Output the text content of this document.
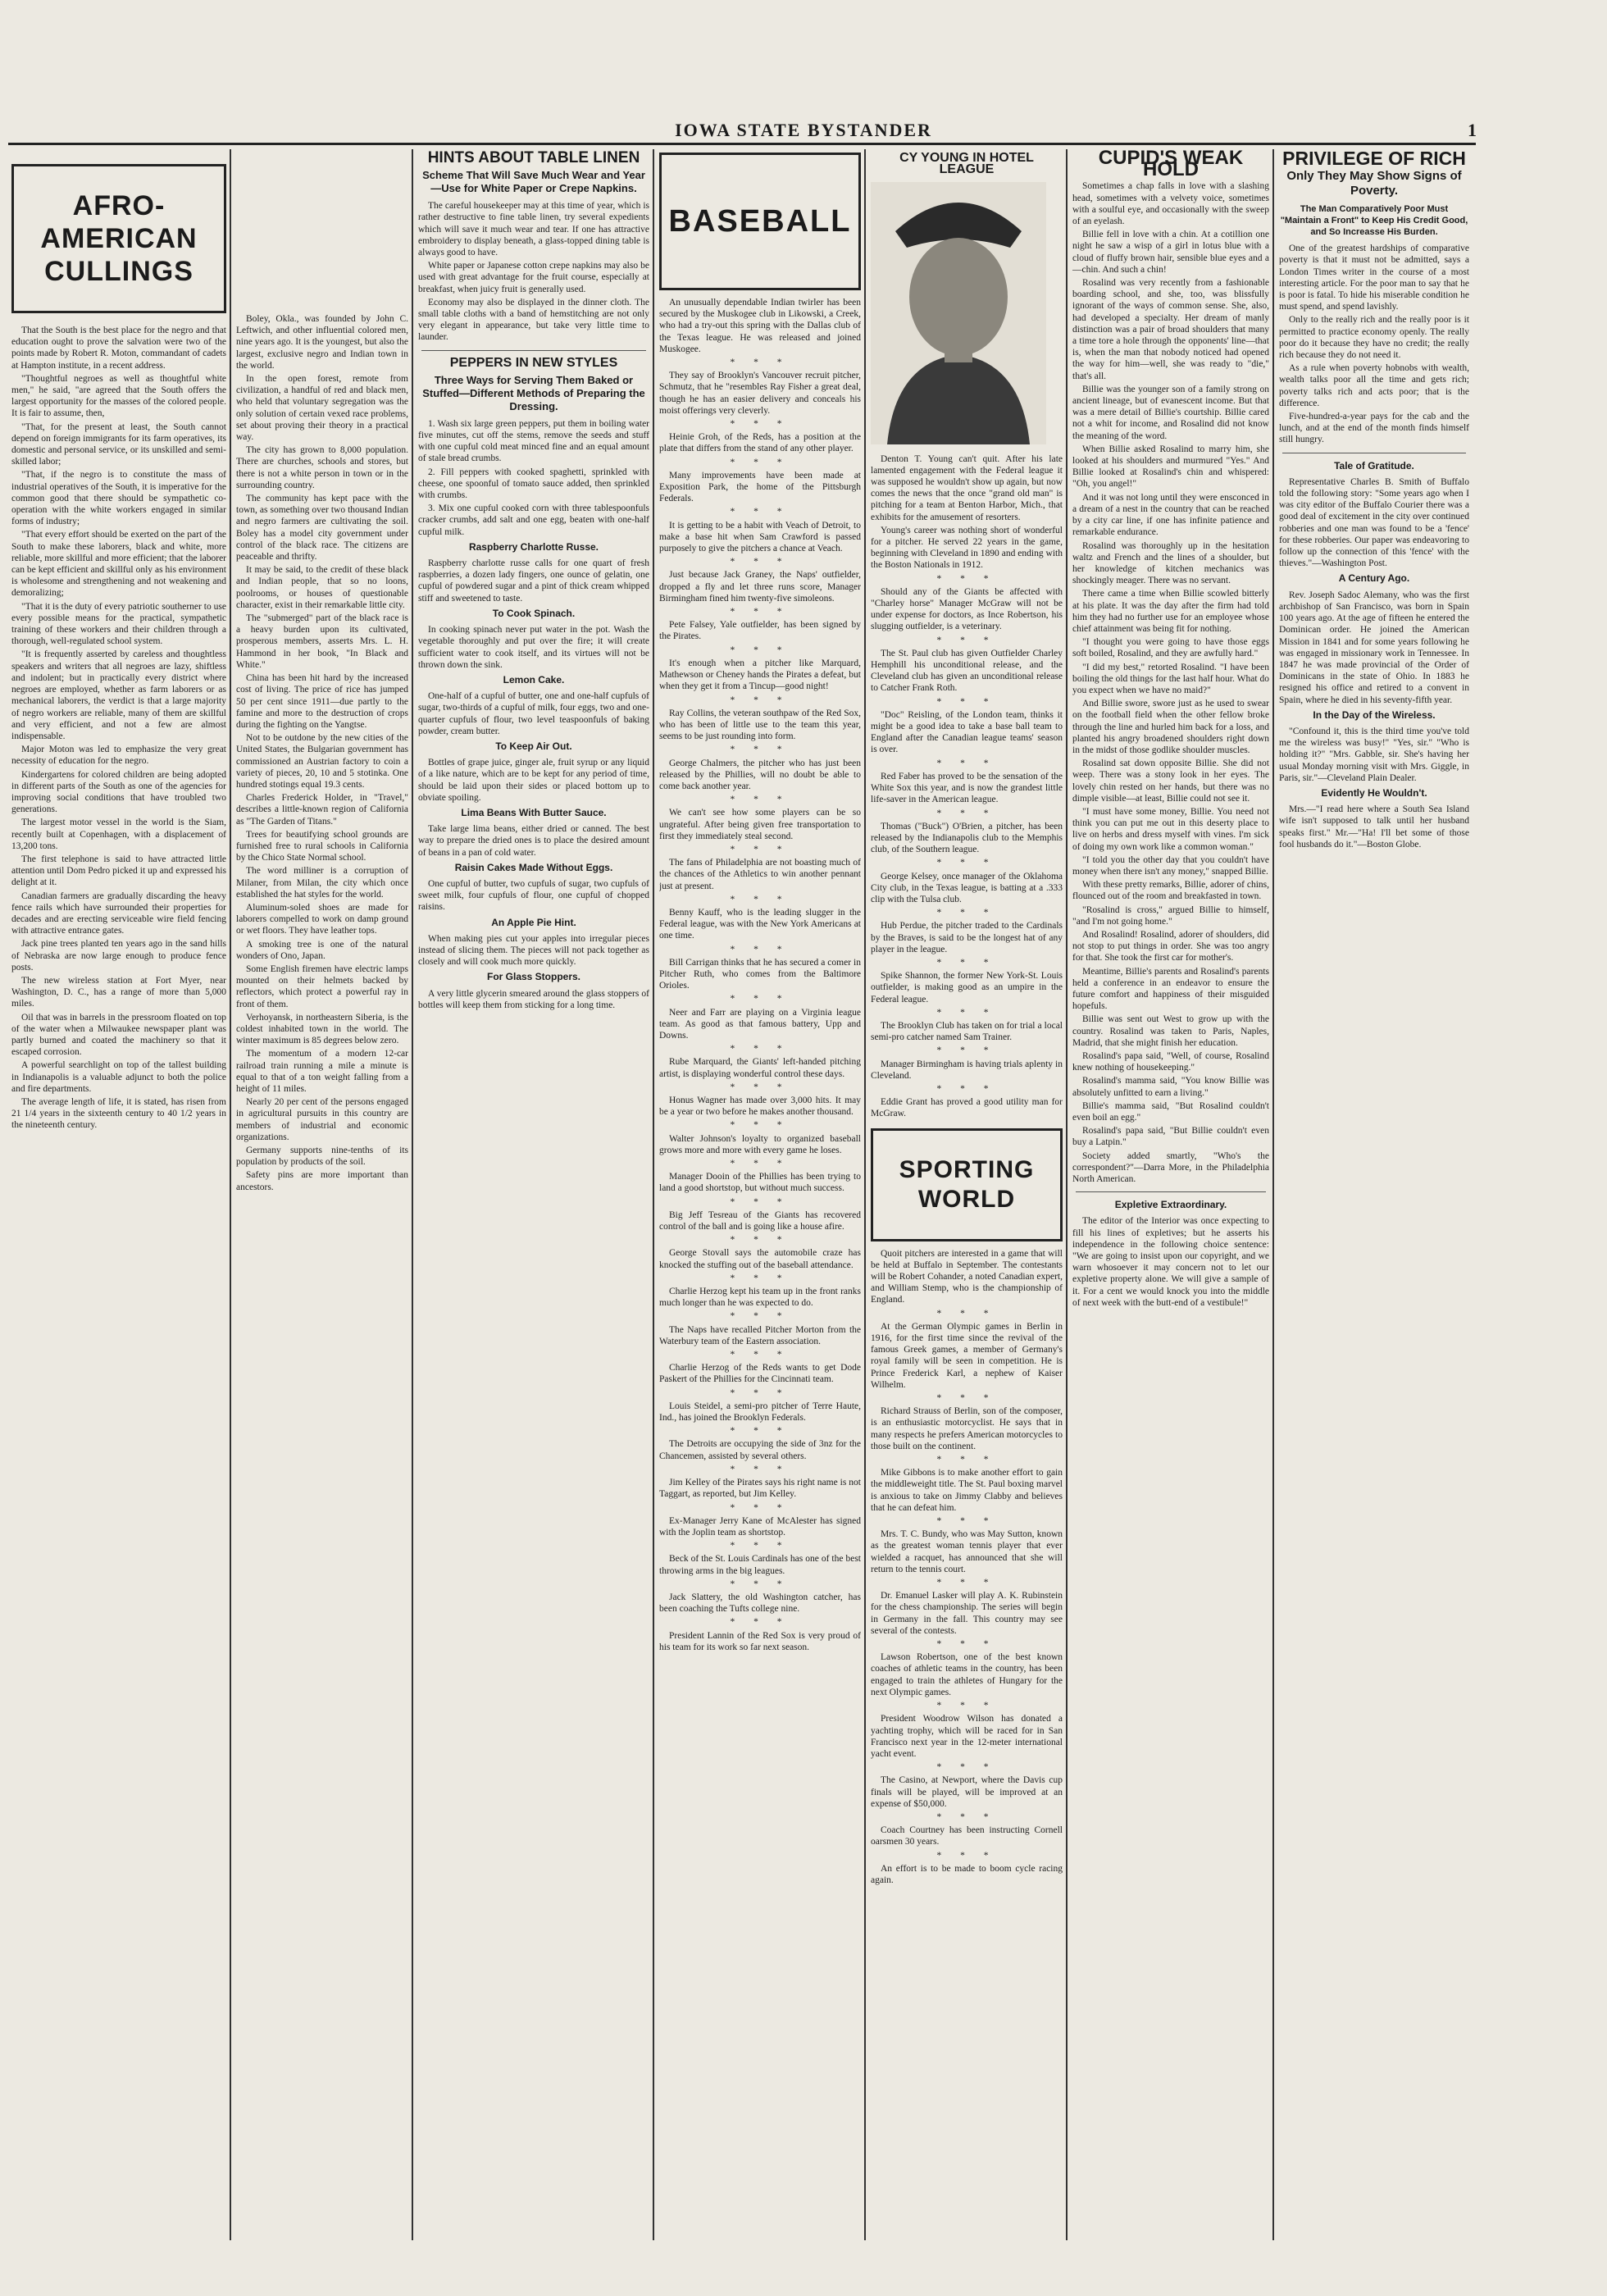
IOWA STATE BYSTANDER	1
AFRO-AMERICAN CULLINGS

That the South is the best place for the negro and that education ought to prove the salvation were two of the points made by Robert R. Moton, commandant of cadets at Hampton institute, in a recent address.

"Thoughtful negroes as well as thoughtful white men," he said, "are agreed that the South offers the largest opportunity for the masses of the colored people. It is fair to assume, then,

"That, for the present at least, the South cannot depend on foreign immigrants for its farm operatives, its domestic and personal service, or its unskilled and semi-skilled labor;

"That, if the negro is to constitute the mass of industrial operatives of the South, it is imperative for the common good that there should be sympathetic co-operation with the white workers engaged in similar forms of industry;

"That every effort should be exerted on the part of the South to make these laborers, black and white, more reliable, more skillful and more efficient; that the laborer can be kept efficient and skillful only as his environment is wholesome and strengthening and not weakening and demoralizing;

"That it is the duty of every patriotic southerner to use every possible means for the practical, sympathetic training of these workers and their children through a thorough, well-regulated school system.

"It is frequently asserted by careless and thoughtless speakers and writers that all negroes are lazy, shiftless and indolent; but in practically every district where negroes are employed, whether as farm laborers or as mechanical laborers, the verdict is that a large majority of negro workers are reliable, many of them are skillful and very efficient, and not a few are almost indispensable.

Major Moton was led to emphasize the very great necessity of education for the negro.

Kindergartens for colored children are being adopted in different parts of the South as one of the agencies for improving social conditions that have troubled two generations.

The largest motor vessel in the world is the Siam, recently built at Copenhagen, with a displacement of 13,200 tons.

The first telephone is said to have attracted little attention until Dom Pedro picked it up and expressed his delight at it.

Canadian farmers are gradually discarding the heavy fence rails which have surrounded their properties for decades and are erecting serviceable wire field fencing with attractive entrance gates.

Jack pine trees planted ten years ago in the sand hills of Nebraska are now large enough to produce fence posts.

The new wireless station at Fort Myer, near Washington, D. C., has a range of more than 5,000 miles.

Oil that was in barrels in the pressroom floated on top of the water when a Milwaukee newspaper plant was partly burned and coated the machinery so that it escaped corrosion.

A powerful searchlight on top of the tallest building in Indianapolis is a valuable adjunct to both the police and fire departments.

The average length of life, it is stated, has risen from 21 1/4 years in the sixteenth century to 40 1/2 years in the nineteenth century.

Boley, Okla., was founded by John C. Leftwich, and other influential colored men, nine years ago. It is the youngest, but also the largest, exclusive negro and Indian town in the world.

In the open forest, remote from civilization, a handful of red and black men, who held that voluntary segregation was the only solution of certain vexed race problems, set about proving their theory in a practical way.

The city has grown to 8,000 population. There are churches, schools and stores, but there is not a white person in town or in the surrounding country.

The community has kept pace with the town, as something over two thousand Indian and negro farmers are cultivating the soil. Boley has a model city government under control of the black race. The citizens are peaceable and thrifty.

It may be said, to the credit of these black and Indian people, that so no loons, poolrooms, or houses of questionable character, exist in their remarkable little city.

The "submerged" part of the black race is a heavy burden upon its cultivated, prosperous members, asserts Mrs. L. H. Hammond in her book, "In Black and White."

China has been hit hard by the increased cost of living. The price of rice has jumped 50 per cent since 1911—due partly to the famine and more to the destruction of crops during the fighting on the Yangtse.

Not to be outdone by the new cities of the United States, the Bulgarian government has commissioned an Austrian factory to coin a variety of pieces, 20, 10 and 5 stotinka. One hundred stotings equal 19.3 cents.

Charles Frederick Holder, in "Travel," describes a little-known region of California as "The Garden of Titans."

Trees for beautifying school grounds are furnished free to rural schools in California by the Chico State Normal school.

The word milliner is a corruption of Milaner, from Milan, the city which once established the hat styles for the world.

Aluminum-soled shoes are made for laborers compelled to work on damp ground or wet floors. They have leather tops.

A smoking tree is one of the natural wonders of Ono, Japan.

Some English firemen have electric lamps mounted on their helmets backed by reflectors, which protect a powerful ray in front of them.

Verhoyansk, in northeastern Siberia, is the coldest inhabited town in the world. The winter maximum is 85 degrees below zero.

The momentum of a modern 12-car railroad train running a mile a minute is equal to that of a ton weight falling from a height of 11 miles.

Nearly 20 per cent of the persons engaged in agricultural pursuits in this country are members of industrial and economic organizations.

Germany supports nine-tenths of its population by products of the soil.

Safety pins are more important than ancestors.

HINTS ABOUT TABLE LINEN
Scheme That Will Save Much Wear and Year—Use for White Paper or Crepe Napkins.

The careful housekeeper may at this time of year, which is rather destructive to fine table linen, try several expedients which will save it much wear and tear. If one has attractive embroidery to display beneath, a glass-topped dining table is always good to have.

White paper or Japanese cotton crepe napkins may also be used with great advantage for the fruit course, especially at breakfast, when juicy fruit is generally used.

Economy may also be displayed in the dinner cloth. The small table cloths with a band of hemstitching are not only very elegant in appearance, but take very little time to launder.

PEPPERS IN NEW STYLES
Three Ways for Serving Them Baked or Stuffed—Different Methods of Preparing the Dressing.

1. Wash six large green peppers, put them in boiling water five minutes, cut off the stems, remove the seeds and stuff with one cupful cold meat minced fine and an equal amount of stale bread crumbs.

2. Fill peppers with cooked spaghetti, sprinkled with cheese, one spoonful of tomato sauce added, then sprinkled with crumbs.

3. Mix one cupful cooked corn with three tablespoonfuls cracker crumbs, add salt and one egg, beaten with one-half cupful milk.

Raspberry Charlotte Russe.

Raspberry charlotte russe calls for one quart of fresh raspberries, a dozen lady fingers, one ounce of gelatin, one cupful of powdered sugar and a pint of thick cream whipped stiff and sweetened to taste.

To Cook Spinach.

In cooking spinach never put water in the pot. Wash the vegetable thoroughly and put over the fire; it will create sufficient water to cook itself, and its virtues will not be thrown down the sink.

Lemon Cake.

One-half of a cupful of butter, one and one-half cupfuls of sugar, two-thirds of a cupful of milk, four eggs, two and one-quarter cupfuls of flour, two level teaspoonfuls of baking powder, cream butter.

To Keep Air Out.

Bottles of grape juice, ginger ale, fruit syrup or any liquid of a like nature, which are to be kept for any period of time, should be laid upon their sides or placed bottom up to obviate spoiling.

Lima Beans With Butter Sauce.

Take large lima beans, either dried or canned. The best way to prepare the dried ones is to place the desired amount of beans in a pan of cold water.

Raisin Cakes Made Without Eggs.

One cupful of butter, two cupfuls of sugar, two cupfuls of sweet milk, four cupfuls of flour, one cupful of chopped raisins.

An Apple Pie Hint.

When making pies cut your apples into irregular pieces instead of slicing them. The pieces will not pack together as closely and will cook much more quickly.

For Glass Stoppers.

A very little glycerin smeared around the glass stoppers of bottles will keep them from sticking for a long time.

BASEBALL

An unusually dependable Indian twirler has been secured by the Muskogee club in Likowski, a Creek, who had a try-out this spring with the Dallas club of the Texas league. He was released and joined Muskogee.

* * *

They say of Brooklyn's Vancouver recruit pitcher, Schmutz, that he "resembles Ray Fisher a great deal, though he has an easier delivery and conceals his moist offerings very cleverly.

* * *

Heinie Groh, of the Reds, has a position at the plate that differs from the stand of any other player.

* * *

Many improvements have been made at Exposition Park, the home of the Pittsburgh Federals.

* * *

It is getting to be a habit with Veach of Detroit, to make a base hit when Sam Crawford is passed purposely to give the pitchers a chance at Veach.

* * *

Just because Jack Graney, the Naps' outfielder, dropped a fly and let three runs score, Manager Birmingham fined him twenty-five simoleons.

* * *

Pete Falsey, Yale outfielder, has been signed by the Pirates.

* * *

It's enough when a pitcher like Marquard, Mathewson or Cheney hands the Pirates a defeat, but when they get it from a Tincup—good night!

* * *

Ray Collins, the veteran southpaw of the Red Sox, who has been of little use to the team this year, seems to be just rounding into form.

* * *

George Chalmers, the pitcher who has just been released by the Phillies, will no doubt be able to come back another year.

* * *

We can't see how some players can be so ungrateful. After being given free transportation to first they immediately steal second.

* * *

The fans of Philadelphia are not boasting much of the chances of the Athletics to win another pennant just at present.

* * *

Benny Kauff, who is the leading slugger in the Federal league, was with the New York Americans at one time.

* * *

Bill Carrigan thinks that he has secured a comer in Pitcher Ruth, who comes from the Baltimore Orioles.

* * *

Neer and Farr are playing on a Virginia league team. As good as that famous battery, Upp and Downs.

* * *

Rube Marquard, the Giants' left-handed pitching artist, is displaying wonderful control these days.

* * *

Honus Wagner has made over 3,000 hits. It may be a year or two before he makes another thousand.

* * *

Walter Johnson's loyalty to organized baseball grows more and more with every game he loses.

* * *

Manager Dooin of the Phillies has been trying to land a good shortstop, but without much success.

* * *

Big Jeff Tesreau of the Giants has recovered control of the ball and is going like a house afire.

* * *

George Stovall says the automobile craze has knocked the stuffing out of the baseball attendance.

* * *

Charlie Herzog kept his team up in the front ranks much longer than he was expected to do.

* * *

The Naps have recalled Pitcher Morton from the Waterbury team of the Eastern association.

* * *

Charlie Herzog of the Reds wants to get Dode Paskert of the Phillies for the Cincinnati team.

* * *

Louis Steidel, a semi-pro pitcher of Terre Haute, Ind., has joined the Brooklyn Federals.

* * *

The Detroits are occupying the side of 3nz for the Chancemen, assisted by several others.

* * *

Jim Kelley of the Pirates says his right name is not Taggart, as reported, but Jim Kelley.

* * *

Ex-Manager Jerry Kane of McAlester has signed with the Joplin team as shortstop.

* * *

Beck of the St. Louis Cardinals has one of the best throwing arms in the big leagues.

* * *

Jack Slattery, the old Washington catcher, has been coaching the Tufts college nine.

* * *

President Lannin of the Red Sox is very proud of his team for its work so far next season.

CY YOUNG IN HOTEL LEAGUE

Denton T. Young can't quit. After his late lamented engagement with the Federal league it was supposed he wouldn't show up again, but now comes the news that the once "grand old man" is pitching for a team at Benton Harbor, Mich., that exhibits for the amusement of resorters.

Young's career was nothing short of wonderful for a pitcher. He served 22 years in the game, beginning with Cleveland in 1890 and ending with the Boston Nationals in 1912.

* * *

Should any of the Giants be affected with "Charley horse" Manager McGraw will not be under expense for doctors, as Ince Robertson, his slugging outfielder, is a veterinary.

* * *

The St. Paul club has given Outfielder Charley Hemphill his unconditional release, and the Cleveland club has given an unconditional release to Catcher Frank Roth.

* * *

"Doc" Reisling, of the London team, thinks it might be a good idea to take a base ball team to England after the Canadian league teams' season is over.

* * *

Red Faber has proved to be the sensation of the White Sox this year, and is now the grandest little life-saver in the American league.

* * *

Thomas ("Buck") O'Brien, a pitcher, has been released by the Indianapolis club to the Memphis club, of the Southern league.

* * *

George Kelsey, once manager of the Oklahoma City club, in the Texas league, is batting at a .333 clip with the Tulsa club.

* * *

Hub Perdue, the pitcher traded to the Cardinals by the Braves, is said to be the longest hat of any player in the league.

* * *

Spike Shannon, the former New York-St. Louis outfielder, is making good as an umpire in the Federal league.

* * *

The Brooklyn Club has taken on for trial a local semi-pro catcher named Sam Trainer.

* * *

Manager Birmingham is having trials aplenty in Cleveland.

* * *

Eddie Grant has proved a good utility man for McGraw.

SPORTING WORLD

Quoit pitchers are interested in a game that will be held at Buffalo in September. The contestants will be Robert Cohander, a noted Canadian expert, and William Stemp, who is the championship of England.

* * *

At the German Olympic games in Berlin in 1916, for the first time since the revival of the famous Greek games, a member of Germany's royal family will be seen in competition. He is Prince Frederick Karl, a nephew of Kaiser Wilhelm.

* * *

Richard Strauss of Berlin, son of the composer, is an enthusiastic motorcyclist. He says that in many respects he prefers American motorcycles to those built on the continent.

* * *

Mike Gibbons is to make another effort to gain the middleweight title. The St. Paul boxing marvel is anxious to take on Jimmy Clabby and believes that he can defeat him.

* * *

Mrs. T. C. Bundy, who was May Sutton, known as the greatest woman tennis player that ever wielded a racquet, has announced that she will return to the tennis court.

* * *

Dr. Emanuel Lasker will play A. K. Rubinstein for the chess championship. The series will begin in Germany in the fall. This country may see several of the contests.

* * *

Lawson Robertson, one of the best known coaches of athletic teams in the country, has been engaged to train the athletes of Hungary for the next Olympic games.

* * *

President Woodrow Wilson has donated a yachting trophy, which will be raced for in San Francisco next year in the 12-meter international yacht event.

* * *

The Casino, at Newport, where the Davis cup finals will be played, will be improved at an expense of $50,000.

* * *

Coach Courtney has been instructing Cornell oarsmen 30 years.

* * *

An effort is to be made to boom cycle racing again.

CUPID'S WEAK HOLD

Sometimes a chap falls in love with a slashing head, sometimes with a velvety voice, sometimes with a soulful eye, and occasionally with the sweep of an eyelash.

Billie fell in love with a chin. At a cotillion one night he saw a wisp of a girl in lotus blue with a cloud of fluffy brown hair, sensible blue eyes and a—chin. And such a chin!

Rosalind was very recently from a fashionable boarding school, and she, too, was blissfully ignorant of the ways of common sense. She, also, had developed a specialty. Her dream of manly distinction was a pair of broad shoulders that many a time tore a hole through the opponents' line—that is, when the man that nobody noticed had opened the way for him—well, she was ready to "die," that's all.

Billie was the younger son of a family strong on ancient lineage, but of evanescent income. But that was a mere detail of Billie's courtship. Billie cared not a whit for income, and Rosalind did not know the meaning of the word.

When Billie asked Rosalind to marry him, she looked at his shoulders and murmured "Yes." And Billie looked at Rosalind's chin and whispered: "Oh, you angel!"

And it was not long until they were ensconced in a dream of a nest in the country that can be reached by a city car line, if one has infinite patience and remarkable endurance.

Rosalind was thoroughly up in the hesitation waltz and French and the lines of a shoulder, but her knowledge of kitchen mechanics was shockingly meager. There was no servant.

There came a time when Billie scowled bitterly at his plate. It was the day after the firm had told him they had no further use for an employee whose chief attainment was being fit for nothing.

"I thought you were going to have those eggs soft boiled, Rosalind, and they are awfully hard."

"I did my best," retorted Rosalind. "I have been boiling the old things for the last half hour. What do you expect when we have no maid?"

And Billie swore, swore just as he used to swear on the football field when the other fellow broke through the line and hurled him back for a loss, and planted his angry broadened shoulders right down in the midst of those godlike shoulder muscles.

Rosalind sat down opposite Billie. She did not weep. There was a stony look in her eyes. The lovely chin rested on her hands, but there was no dimple visible—at least, Billie could not see it.

"I must have some money, Billie. You need not think you can put me out in this deserty place to live on herbs and dress myself with vines. I'm sick of doing my own work like a common woman."

"I told you the other day that you couldn't have money when there isn't any money," snapped Billie.

With these pretty remarks, Billie, adorer of chins, flounced out of the room and breakfasted in town.

"Rosalind is cross," argued Billie to himself, "and I'm not going home."

And Rosalind! Rosalind, adorer of shoulders, did not stop to put things in order. She was too angry for that. She took the first car for mother's.

Meantime, Billie's parents and Rosalind's parents held a conference in an endeavor to ensure the future comfort and happiness of their misguided hopefuls.

Billie was sent out West to grow up with the country. Rosalind was taken to Paris, Naples, Madrid, that she might finish her education.

Rosalind's papa said, "Well, of course, Rosalind knew nothing of housekeeping."

Rosalind's mamma said, "You know Billie was absolutely unfitted to earn a living."

Billie's mamma said, "But Rosalind couldn't even boil an egg."

Rosalind's papa said, "But Billie couldn't even buy a Latpin."

Society added smartly, "Who's the correspondent?"—Darra More, in the Philadelphia North American.

Expletive Extraordinary.

The editor of the Interior was once expecting to fill his lines of expletives; but he asserts his independence in the following choice sentence: "We are going to insist upon our copyright, and we warn whosoever it may concern not to let our expletive property alone. We will give a sample of it. For a cent we would knock you into the middle of next week with the butt-end of a vestibule!"

PRIVILEGE OF RICH
Only They May Show Signs of Poverty.
The Man Comparatively Poor Must "Maintain a Front" to Keep His Credit Good, and So Increasse His Burden.

One of the greatest hardships of comparative poverty is that it must not be admitted, says a London Times writer in the course of a most interesting article. For the poor man to say that he is poor is fatal. To hide his miserable condition he must spend, and spend lavishly.

Only to the really rich and the really poor is it permitted to practice economy openly. The really poor do it because they have no credit; the really rich because they do not need it.

As a rule when poverty hobnobs with wealth, wealth talks poor all the time and gets rich; poverty talks rich and acts poor; that is the difference.

Five-hundred-a-year pays for the cab and the lunch, and at the end of the month finds himself still hungry.

Tale of Gratitude.

Representative Charles B. Smith of Buffalo told the following story: "Some years ago when I was city editor of the Buffalo Courier there was a good deal of excitement in the city over continued robberies and one man was found to be a 'fence' for these robberies. Our paper was endeavoring to follow up the connection of this 'fence' with the thieves."—Washington Post.

A Century Ago.

Rev. Joseph Sadoc Alemany, who was the first archbishop of San Francisco, was born in Spain 100 years ago. At the age of fifteen he entered the Dominican order. He joined the American Mission in 1841 and for some years following he was engaged in missionary work in Tennessee. In 1847 he was made provincial of the Order of Dominicans in the state of Ohio. In 1883 he resigned his office and retired to a convent in Spain, where he died in his seventy-fifth year.

In the Day of the Wireless.

"Confound it, this is the third time you've told me the wireless was busy!" "Yes, sir." "Who is holding it?" "Mrs. Gabble, sir. She's having her usual Monday morning visit with Mrs. Giggle, in Paris, sir."—Cleveland Plain Dealer.

Evidently He Wouldn't.

Mrs.—"I read here where a South Sea Island wife isn't supposed to talk until her husband speaks first." Mr.—"Ha! I'll bet some of those fool husbands do it."—Boston Globe.
